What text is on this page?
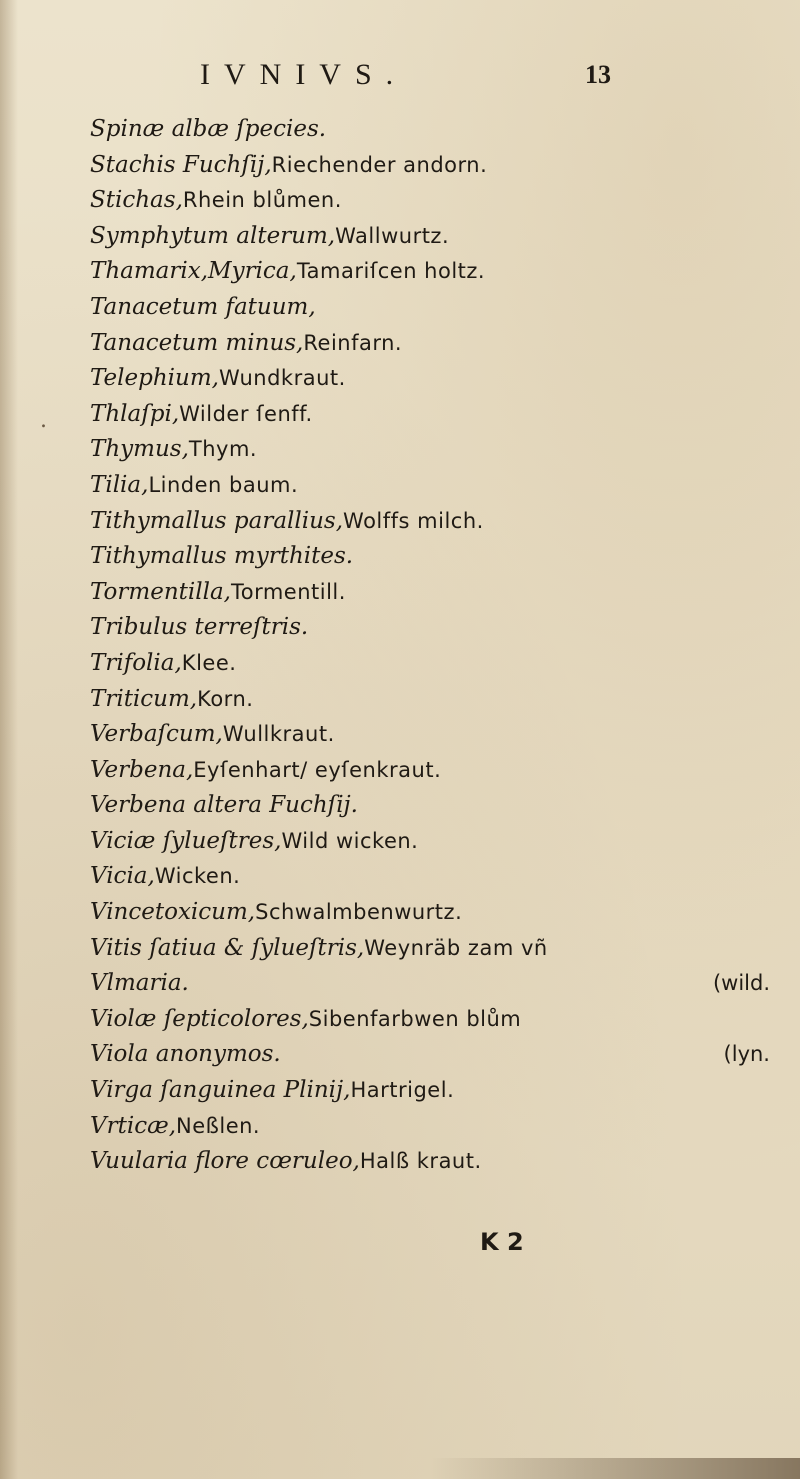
IVNIVS.	13
.
Spinæ albæ ſpecies.
Stachis Fuchſij,Riechender andorn.
Stichas,Rhein blůmen.
Symphytum alterum,Wallwurtz.
Thamarix,Myrica,Tamariſcen holtz.
Tanacetum fatuum,
Tanacetum minus,Reinfarn.
Telephium,Wundkraut.
Thlaſpi,Wilder ſenff.
Thymus,Thym.
Tilia,Linden baum.
Tithymallus parallius,Wolffs milch.
Tithymallus myrthites.
Tormentilla,Tormentill.
Tribulus terreſtris.
Trifolia,Klee.
Triticum,Korn.
Verbaſcum,Wullkraut.
Verbena,Eyſenhart/ eyſenkraut.
Verbena altera Fuchſij.
Viciæ ſylueſtres,Wild wicken.
Vicia,Wicken.
Vincetoxicum,Schwalmbenwurtz.
Vitis ſatiua & ſylueſtris,Weynräb zam vñ
Vlmaria.	(wild.
Violæ ſepticolores,Sibenfarbwen blům
Viola anonymos.	(lyn.
Virga ſanguinea Plinij,Hartrigel.
Vrticæ,Neßlen.
Vuularia flore cœruleo,Halß kraut.
K 2
